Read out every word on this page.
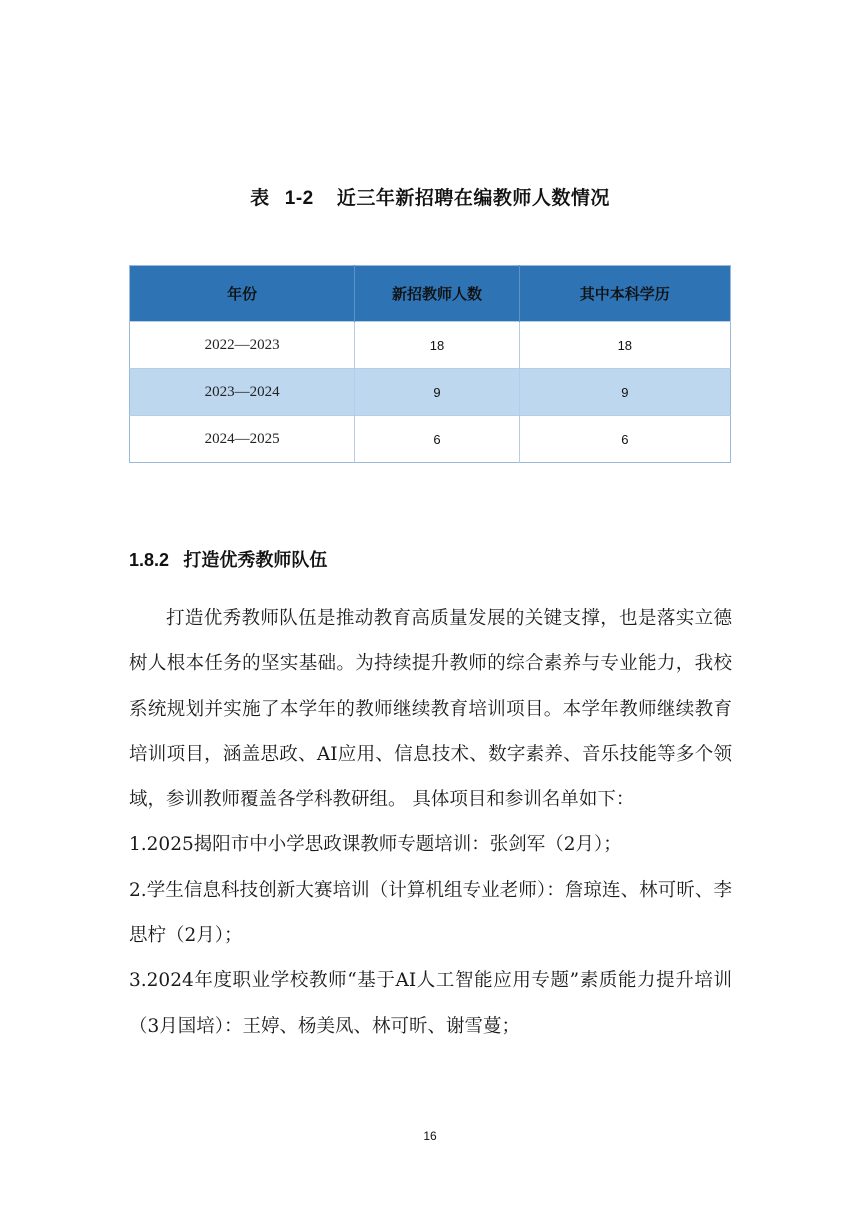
表 1-2 近三年新招聘在编教师人数情况
年份	新招教师人数	其中本科学历
2022—2023	18	18
2023—2024	9	9
2024—2025	6	6
1.8.2 打造优秀教师队伍

打造优秀教师队伍是推动教育高质量发展的关键支撑，也是落实立德树人根本任务的坚实基础。为持续提升教师的综合素养与专业能力，我校系统规划并实施了本学年的教师继续教育培训项目。本学年教师继续教育培训项目，涵盖思政、AI应用、信息技术、数字素养、音乐技能等多个领域，参训教师覆盖各学科教研组。 具体项目和参训名单如下：

1.2025揭阳市中小学思政课教师专题培训：张剑军（2月）；

2.学生信息科技创新大赛培训（计算机组专业老师）：詹琼连、林可昕、李思柠（2月）；

3.2024年度职业学校教师“基于AI人工智能应用专题”素质能力提升培训（3月国培）：王婷、杨美凤、林可昕、谢雪蔓；

16
